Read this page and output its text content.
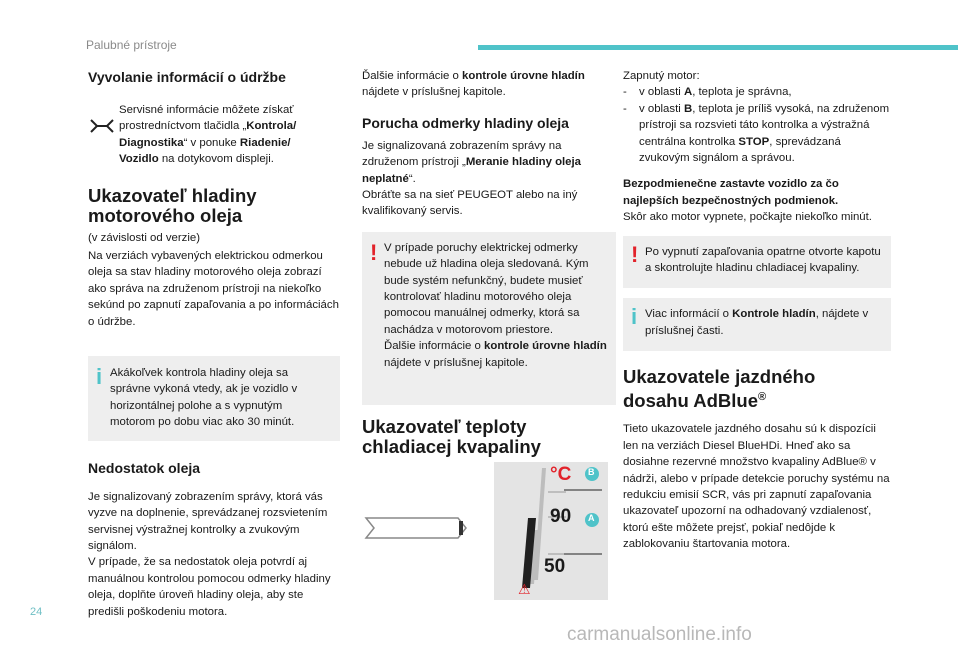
Palubné prístroje
Vyvolanie informácií o údržbe

Servisné informácie môžete získať prostredníctvom tlačidla „Kontrola/ Diagnostika“ v ponuke Riadenie/ Vozidlo na dotykovom displeji.

Ukazovateľ hladiny motorového oleja

(v závislosti od verzie)

Na verziách vybavených elektrickou odmerkou oleja sa stav hladiny motorového oleja zobrazí ako správa na združenom prístroji na niekoľko sekúnd po zapnutí zapaľovania a po informáciách o údržbe.

i Akákoľvek kontrola hladiny oleja sa správne vykoná vtedy, ak je vozidlo v horizontálnej polohe a s vypnutým motorom po dobu viac ako 30 minút.

Nedostatok oleja

Je signalizovaný zobrazením správy, ktorá vás vyzve na doplnenie, sprevádzanej rozsvietením servisnej výstražnej kontrolky a zvukovým signálom.

V prípade, že sa nedostatok oleja potvrdí aj manuálnou kontrolou pomocou odmerky hladiny oleja, doplňte úroveň hladiny oleja, aby ste predišli poškodeniu motora.

Ďalšie informácie o kontrole úrovne hladín nájdete v príslušnej kapitole.

Porucha odmerky hladiny oleja

Je signalizovaná zobrazením správy na združenom prístroji „Meranie hladiny oleja neplatné“.

Obráťte sa na sieť PEUGEOT alebo na iný kvalifikovaný servis.

! V prípade poruchy elektrickej odmerky nebude už hladina oleja sledovaná. Kým bude systém nefunkčný, budete musieť kontrolovať hladinu motorového oleja pomocou manuálnej odmerky, ktorá sa nachádza v motorovom priestore.

Ďalšie informácie o kontrole úrovne hladín nájdete v príslušnej kapitole.

Ukazovateľ teploty chladiacej kvapaliny
⚠
°C B
A
90
50

Zapnutý motor:

-	v oblasti A, teplota je správna,
-	v oblasti B, teplota je príliš vysoká, na združenom prístroji sa rozsvieti táto kontrolka a výstražná centrálna kontrolka STOP, sprevádzaná zvukovým signálom a správou.

Bezpodmienečne zastavte vozidlo za čo najlepších bezpečnostných podmienok.

Skôr ako motor vypnete, počkajte niekoľko minút.

! Po vypnutí zapaľovania opatrne otvorte kapotu a skontrolujte hladinu chladiacej kvapaliny.

i Viac informácií o Kontrole hladín, nájdete v príslušnej časti.

Ukazovatele jazdného dosahu AdBlue®

Tieto ukazovatele jazdného dosahu sú k dispozícii len na verziách Diesel BlueHDi. Hneď ako sa dosiahne rezervné množstvo kvapaliny AdBlue® v nádrži, alebo v prípade detekcie poruchy systému na redukciu emisií SCR, vás pri zapnutí zapaľovania ukazovateľ upozorní na odhadovaný vzdialenosť, ktorú ešte môžete prejsť, pokiaľ nedôjde k zablokovaniu štartovania motora.

24
carmanualsonline.info
